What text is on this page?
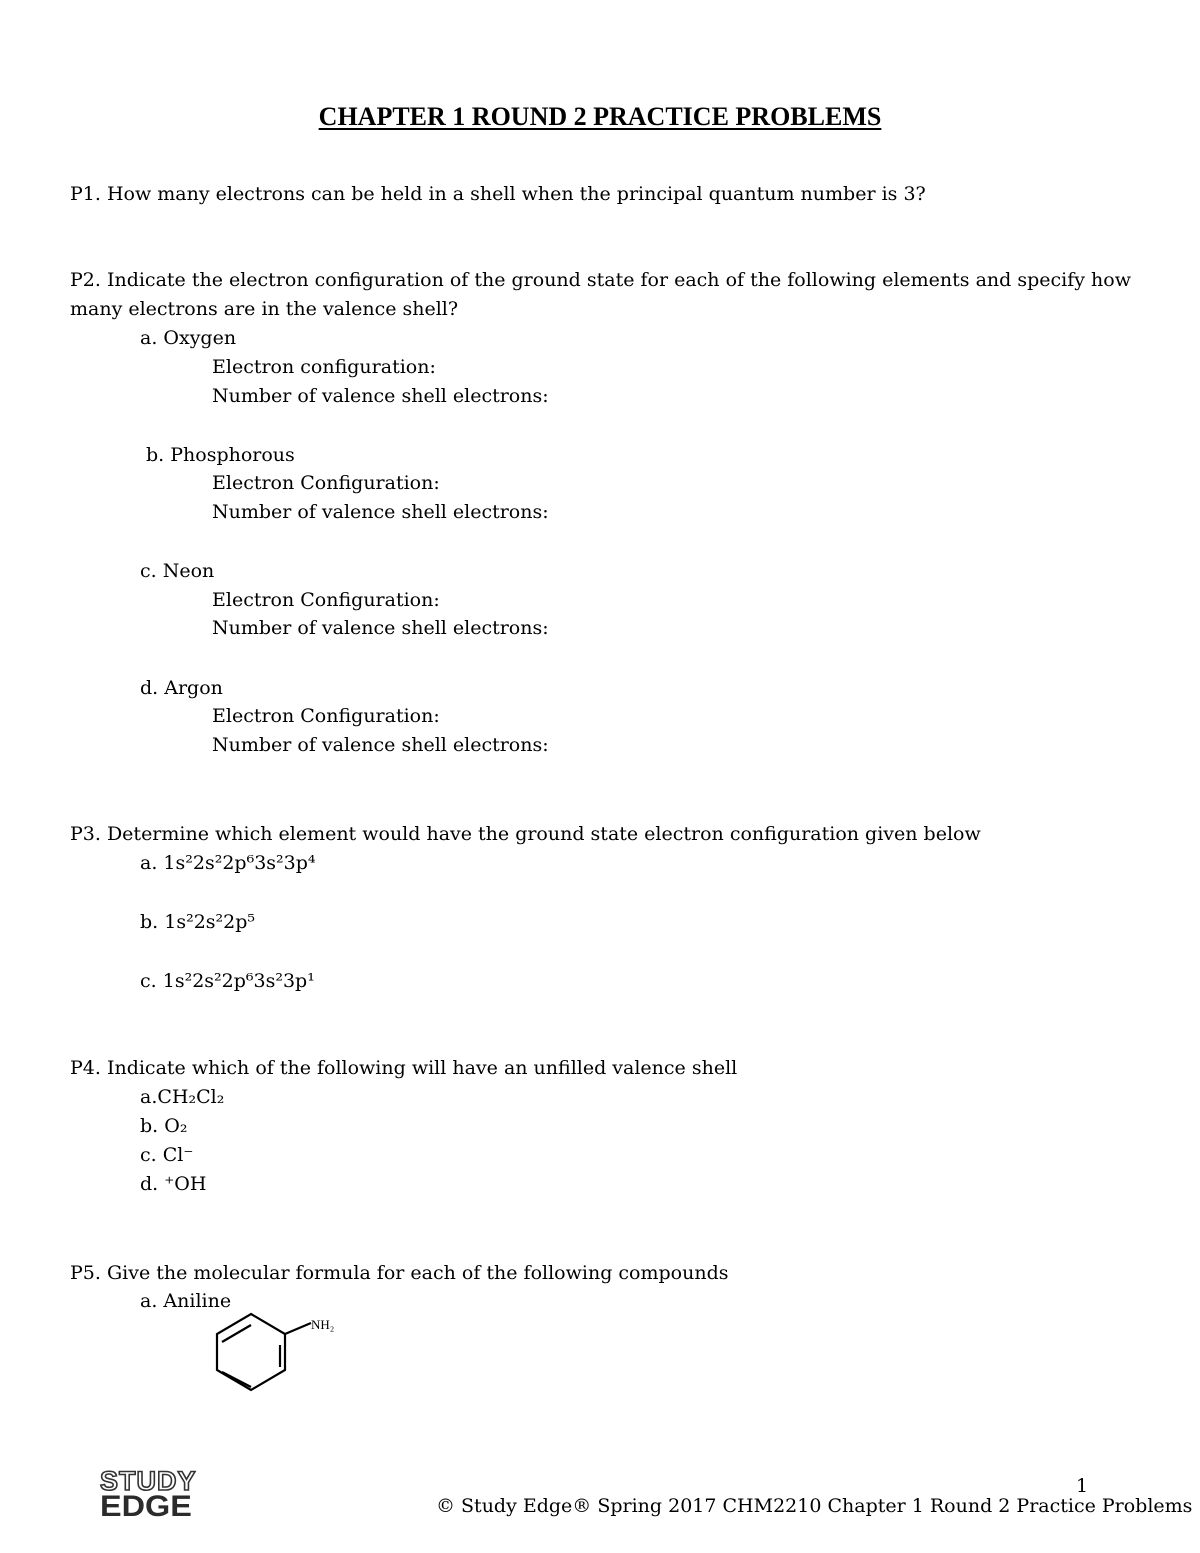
CHAPTER 1 ROUND 2 PRACTICE PROBLEMS
P1. How many electrons can be held in a shell when the principal quantum number is 3?
P2. Indicate the electron configuration of the ground state for each of the following elements and specify how
many electrons are in the valence shell?
a. Oxygen
Electron configuration:
Number of valence shell electrons:
b. Phosphorous
Electron Configuration:
Number of valence shell electrons:
c. Neon
Electron Configuration:
Number of valence shell electrons:
d. Argon
Electron Configuration:
Number of valence shell electrons:
P3. Determine which element would have the ground state electron configuration given below
a. 1s²2s²2p⁶3s²3p⁴
b. 1s²2s²2p⁵
c. 1s²2s²2p⁶3s²3p¹
P4. Indicate which of the following will have an unfilled valence shell
a.CH₂Cl₂
b. O₂
c. Cl⁻
d. ⁺OH
P5. Give the molecular formula for each of the following compounds
a. Aniline
NH₂
STUDY
EDGE
1
© Study Edge® Spring 2017 CHM2210 Chapter 1 Round 2 Practice Problems
